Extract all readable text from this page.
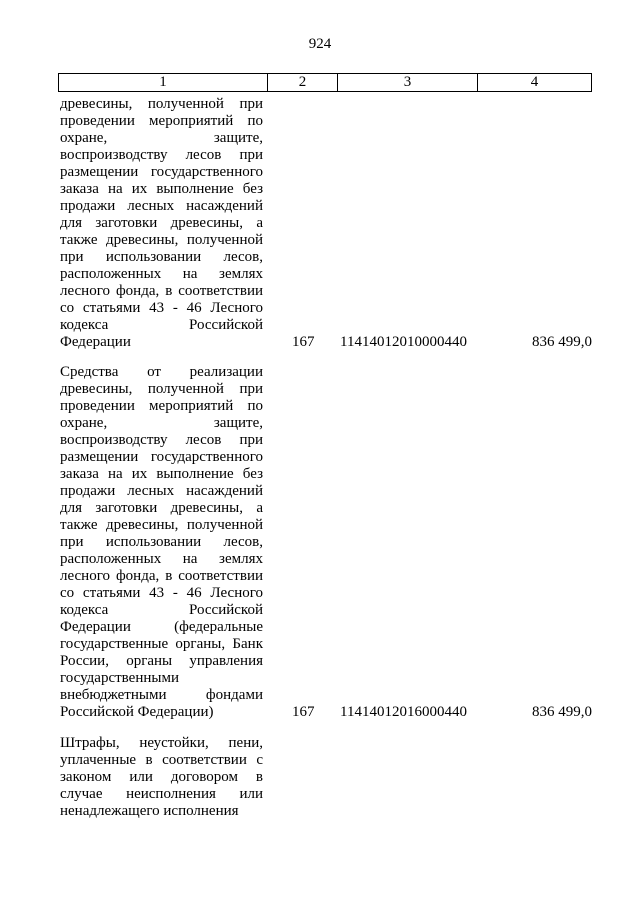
924
1	2	3	4
древесины, полученной при
проведении мероприятий по
охране, защите,
воспроизводству лесов при
размещении государственного
заказа на их выполнение без
продажи лесных насаждений
для заготовки древесины, а
также древесины, полученной
при использовании лесов,
расположенных на землях
лесного фонда, в соответствии
со статьями 43 - 46 Лесного
кодекса Российской
Федерации	167 11414012010000440	836 499,0
Средства от реализации
древесины, полученной при
проведении мероприятий по
охране, защите,
воспроизводству лесов при
размещении государственного
заказа на их выполнение без
продажи лесных насаждений
для заготовки древесины, а
также древесины, полученной
при использовании лесов,
расположенных на землях
лесного фонда, в соответствии
со статьями 43 - 46 Лесного
кодекса Российской
Федерации (федеральные
государственные органы, Банк
России, органы управления
государственными
внебюджетными фондами
Российской Федерации)	167 11414012016000440	836 499,0
Штрафы, неустойки, пени,
уплаченные в соответствии с
законом или договором в
случае неисполнения или
ненадлежащего исполнения
